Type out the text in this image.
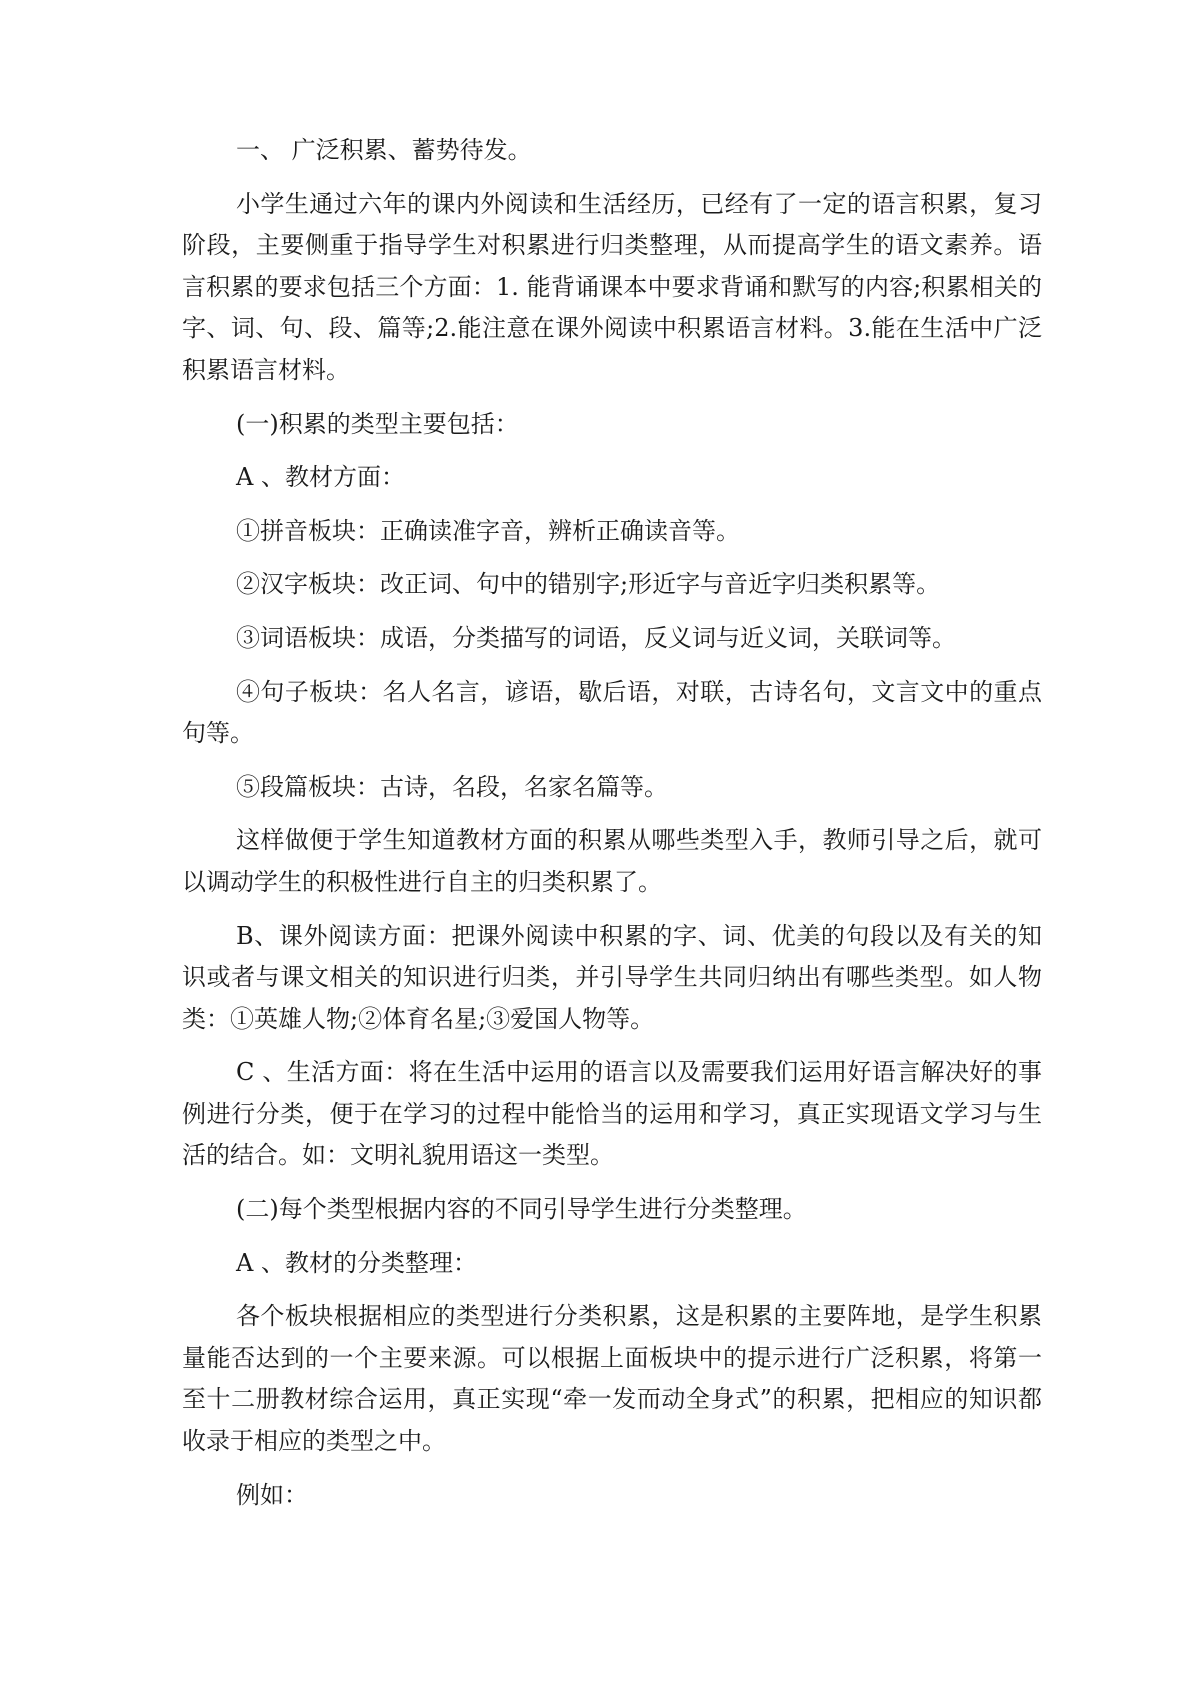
一、 广泛积累、蓄势待发。

小学生通过六年的课内外阅读和生活经历，已经有了一定的语言积累，复习阶段，主要侧重于指导学生对积累进行归类整理，从而提高学生的语文素养。语言积累的要求包括三个方面：1. 能背诵课本中要求背诵和默写的内容;积累相关的字、词、句、段、篇等;2.能注意在课外阅读中积累语言材料。3.能在生活中广泛积累语言材料。

(一)积累的类型主要包括：

A 、教材方面：

①拼音板块：正确读准字音，辨析正确读音等。

②汉字板块：改正词、句中的错别字;形近字与音近字归类积累等。

③词语板块：成语，分类描写的词语，反义词与近义词，关联词等。

④句子板块：名人名言，谚语，歇后语，对联，古诗名句，文言文中的重点句等。

⑤段篇板块：古诗，名段，名家名篇等。

这样做便于学生知道教材方面的积累从哪些类型入手，教师引导之后，就可以调动学生的积极性进行自主的归类积累了。

B、课外阅读方面：把课外阅读中积累的字、词、优美的句段以及有关的知识或者与课文相关的知识进行归类，并引导学生共同归纳出有哪些类型。如人物类：①英雄人物;②体育名星;③爱国人物等。

C 、生活方面：将在生活中运用的语言以及需要我们运用好语言解决好的事例进行分类，便于在学习的过程中能恰当的运用和学习，真正实现语文学习与生活的结合。如：文明礼貌用语这一类型。

(二)每个类型根据内容的不同引导学生进行分类整理。

A 、教材的分类整理：

各个板块根据相应的类型进行分类积累，这是积累的主要阵地，是学生积累量能否达到的一个主要来源。可以根据上面板块中的提示进行广泛积累，将第一至十二册教材综合运用，真正实现“牵一发而动全身式”的积累，把相应的知识都收录于相应的类型之中。

例如：
